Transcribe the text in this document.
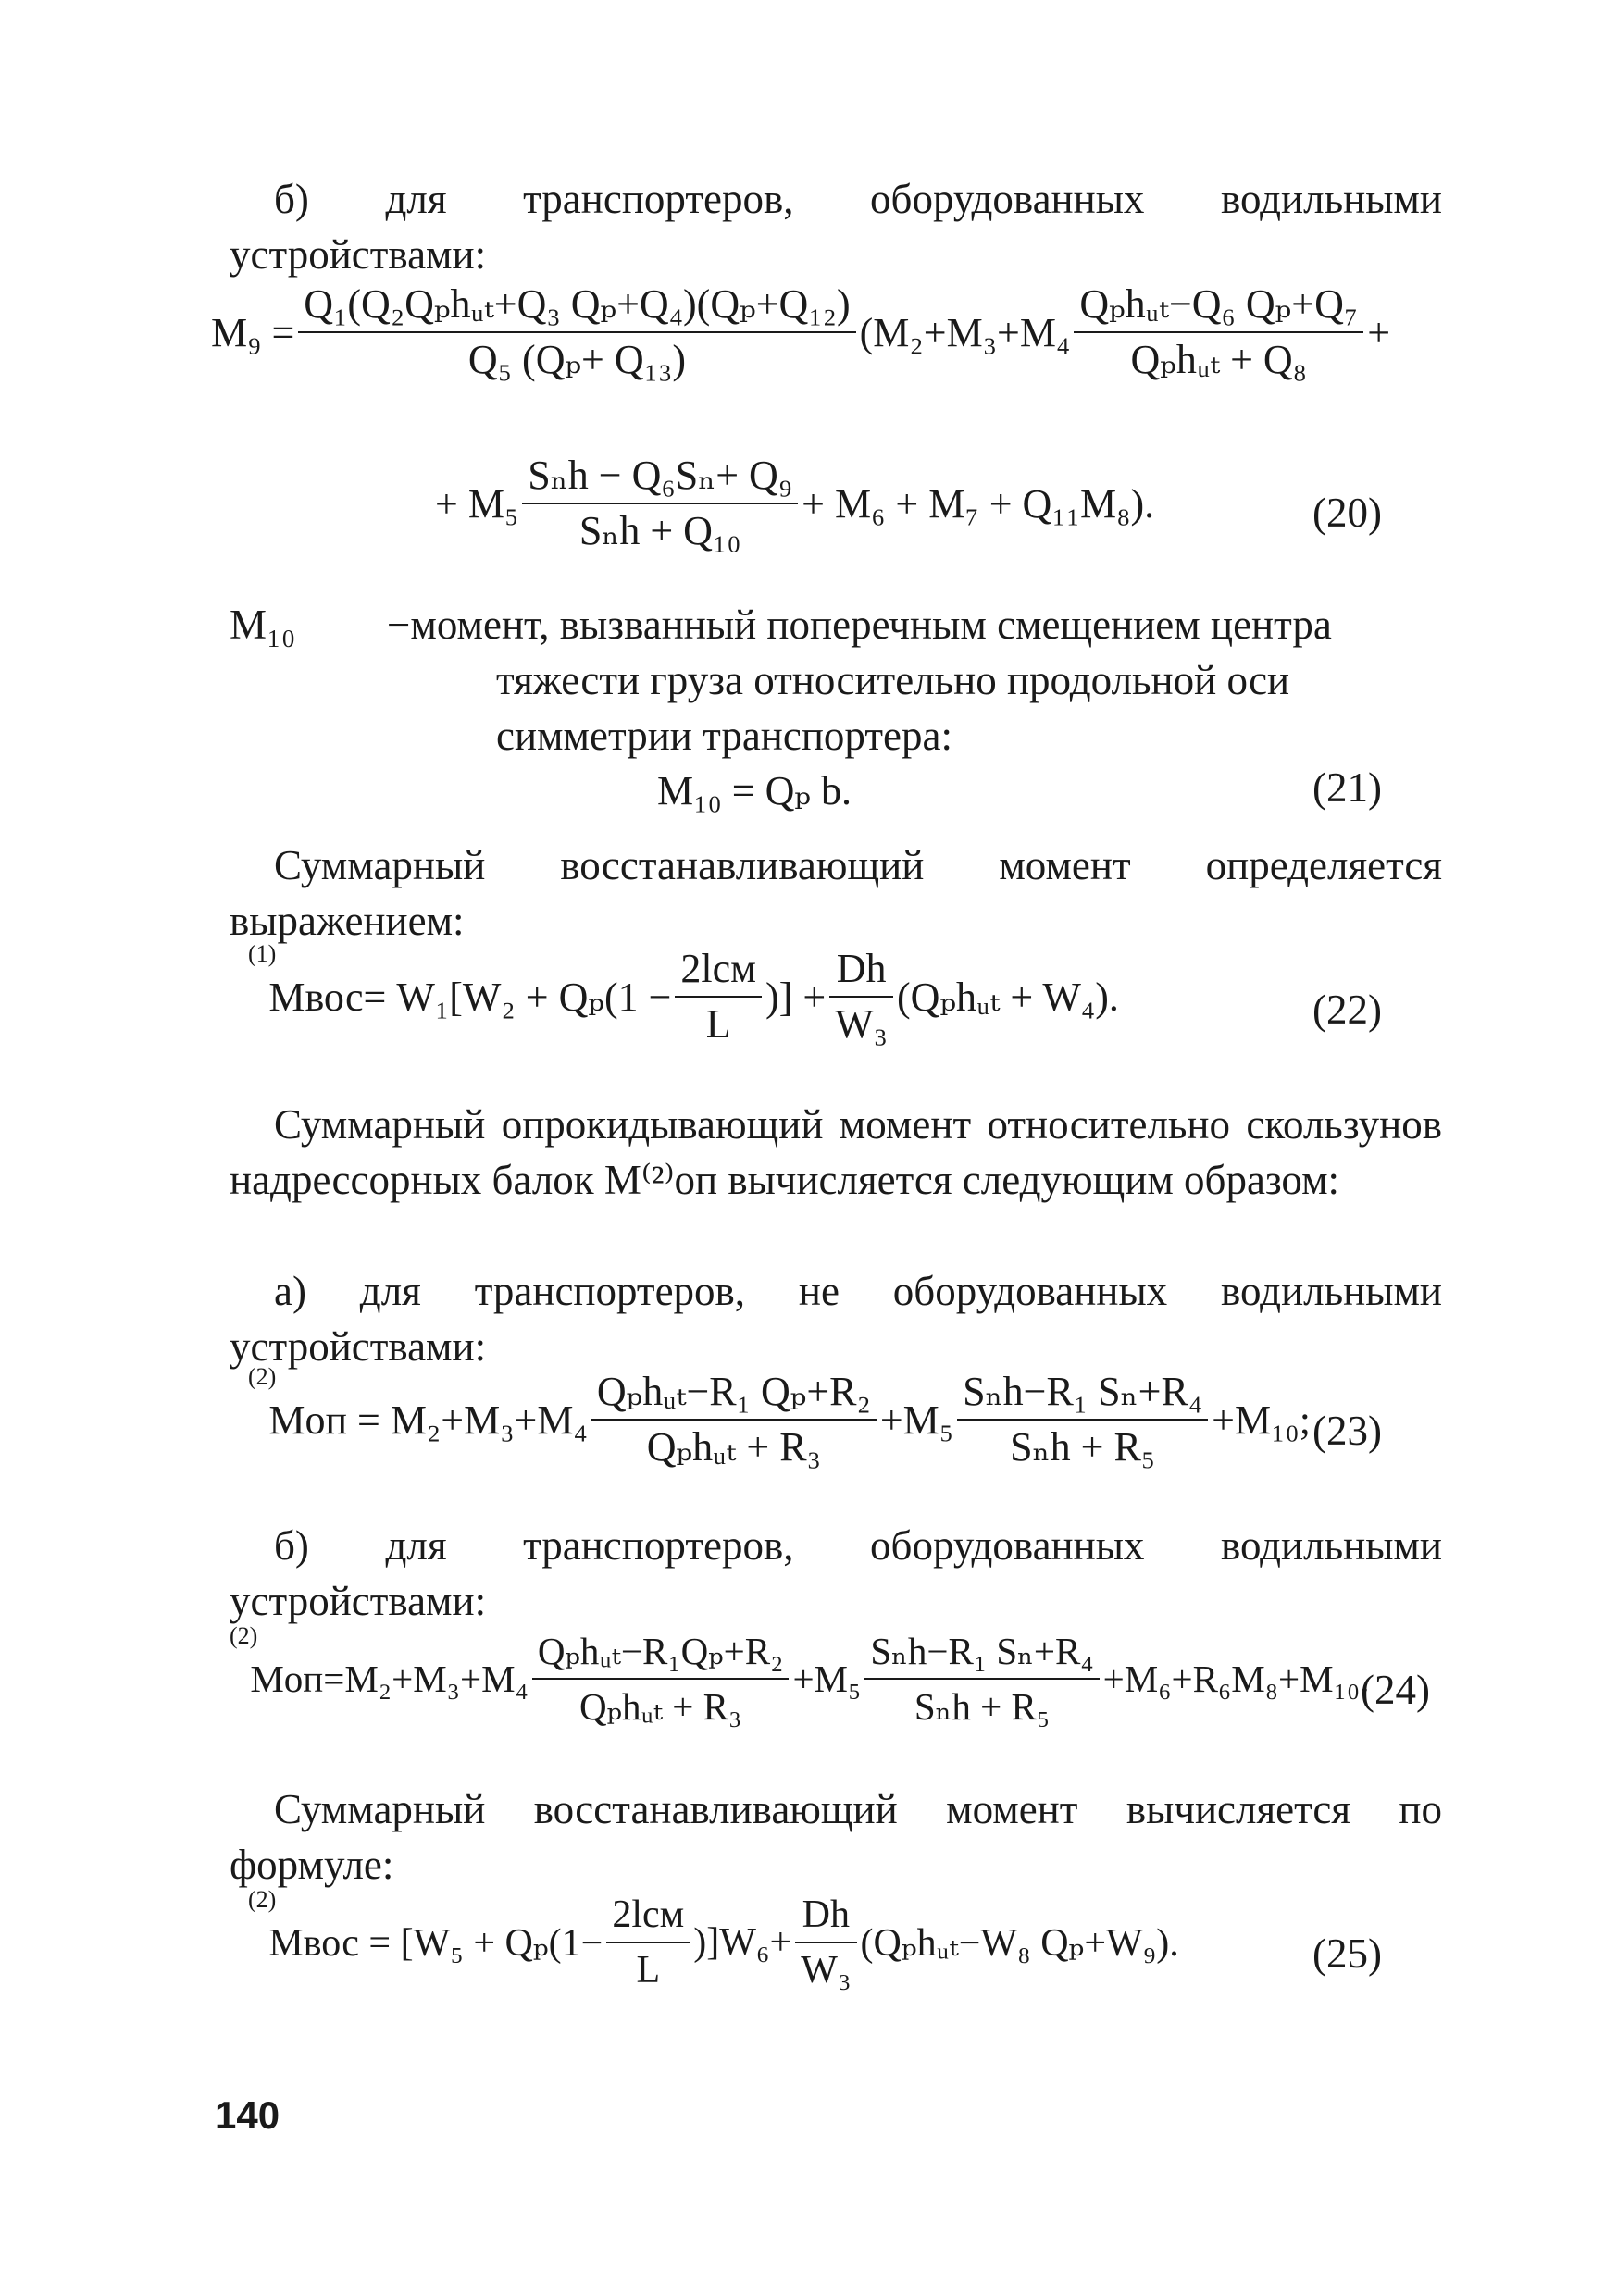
б) для транспортеров, оборудованных водильными устройствами:
$M_9 = \frac{\text{Q₁(Q₂Qₚhᵤₜ+Q₃ Qₚ+Q₄)(Qₚ+Q₁₂)}}{\text{Q₅ (Qₚ+ Q₁₃)}} (M_2+M_3+M_4 \frac{\text{Qₚhᵤₜ−Q₆ Qₚ+Q₇}}{\text{Qₚhᵤₜ + Q₈}}$ +
+ $M_5 \frac{\text{Sₙh − Q₆Sₙ+ Q₉}}{\text{Sₙh + Q₁₀}} + M_6 + M_7 + Q_{11}M_8$).	(20)
M₁₀ −момент, вызванный поперечным смещением центра тяжести груза относительно продольной оси симметрии транспортера:
M₁₀ = Qₚ b.	(21)
Суммарный восстанавливающий момент определяется выражением:
(1)
Mвос= $W_1[W_2 + Q_p(1 - \frac{\text{2lсм}}{L}$ )] + $\frac{Dh}{\text{W₃}}$ (Qₚhᵤₜ + W₄).	(22)
Суммарный опрокидывающий момент относительно скользунов надрессорных балок M⁽²⁾оп вычисляется следующим образом:
а) для транспортеров, не оборудованных водильными устройствами:
(2)
Mоп = $M_2+M_3+M_4 \frac{\text{Qₚhᵤₜ−R₁ Qₚ+R₂}}{\text{Qₚhᵤₜ + R₃}} +M_5 \frac{\text{Sₙh−R₁ Sₙ+R₄}}{\text{Sₙh + R₅}} +M_{10}$; (23)
б) для транспортеров, оборудованных водильными устройствами:
(2)
$Mоп=M_2+M_3+M_4 \frac{\text{Qₚhᵤₜ−R₁Qₚ+R₂}}{\text{Qₚhᵤₜ + R₃}} +M_5 \frac{\text{Sₙh−R₁ Sₙ+R₄}}{\text{Sₙh + R₅}} +M_6+R_6M_8+M_{10}$.
(24)
Суммарный восстанавливающий момент вычисляется по формуле:
(2)
Mвос = $[W_5 + Q_p(1- \frac{\text{2lсм}}{L} )]W_6+ \frac{Dh}{\text{W₃}}$ (Qₚhᵤₜ−W₈ Qₚ+W₉).	(25)
140
